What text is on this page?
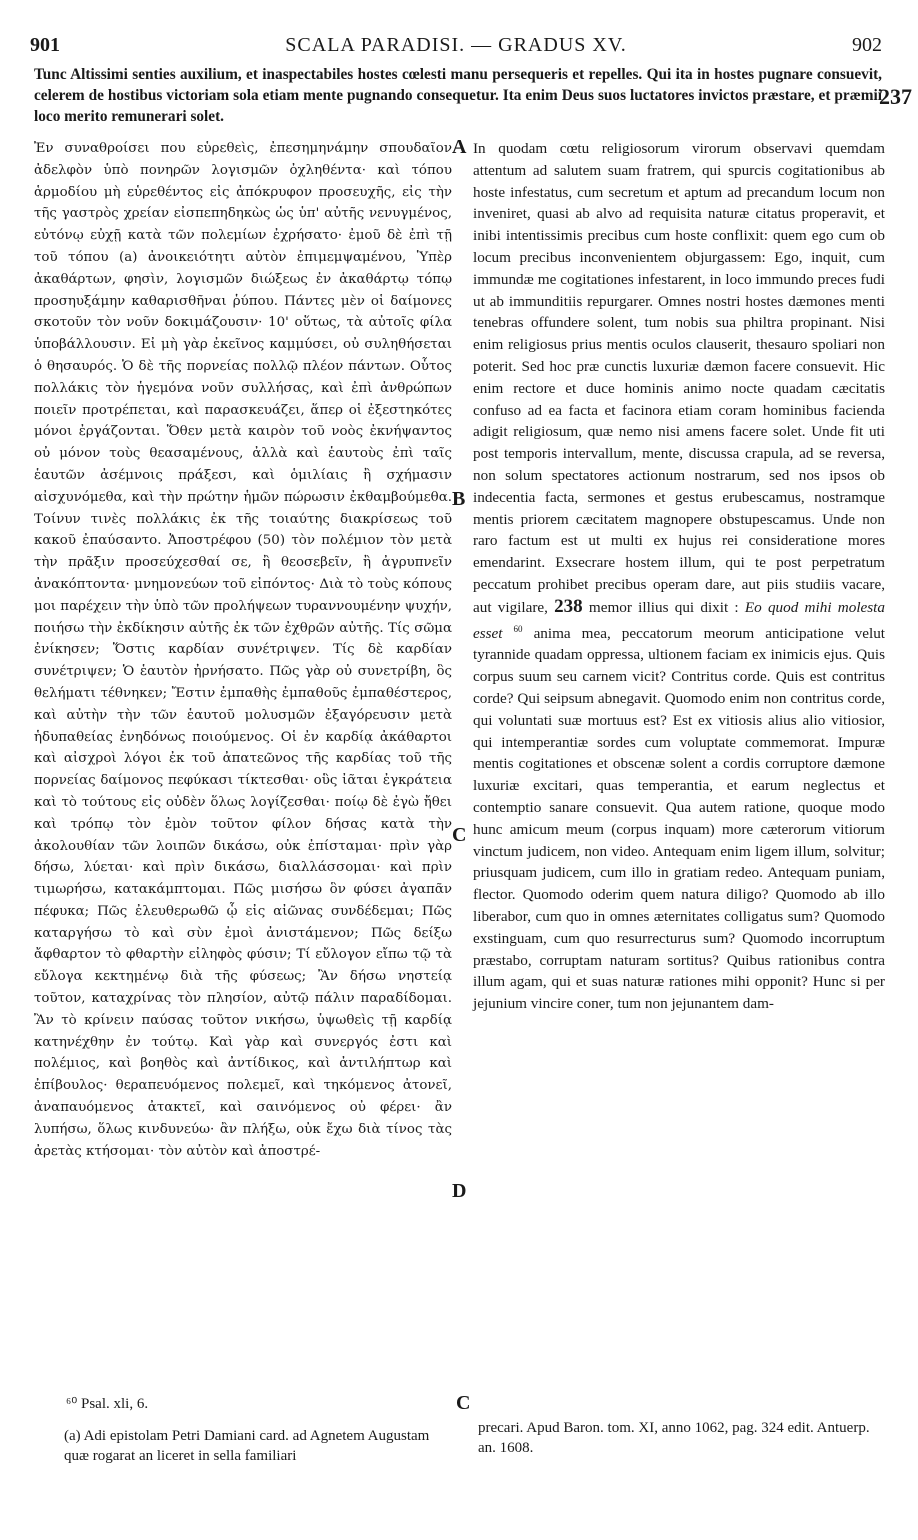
901	SCALA PARADISI. — GRADUS XV.	902
Tunc Altissimi senties auxilium, et inaspectabiles hostes cœlesti manu persequeris et repelles. Qui ita in hostes pugnare consuevit, celerem de hostibus victoriam sola etiam mente pugnando consequetur. Ita enim Deus suos luctatores invictos præstare, et præmii loco merito remunerari solet.
237
Ἐν συναθροίσει που εὑρεθεὶς, ἐπεσημηνάμην σπουδαῖον ἀδελφὸν ὑπὸ πονηρῶν λογισμῶν ὀχληθέντα· καὶ τόπου ἁρμοδίου μὴ εὑρεθέντος εἰς ἀπόκρυφον προσευχῆς, εἰς τὴν τῆς γαστρὸς χρείαν εἰσπεπηδηκὼς ὡς ὑπ' αὐτῆς νενυγμένος, εὐτόνῳ εὐχῇ κατὰ τῶν πολεμίων ἐχρήσατο· ἐμοῦ δὲ ἐπὶ τῇ τοῦ τόπου (a) ἀνοικειότητι αὐτὸν ἐπιμεμψαμένου, Ὑπὲρ ἀκαθάρτων, φησὶν, λογισμῶν διώξεως ἐν ἀκαθάρτῳ τόπῳ προσηυξάμην καθαρισθῆναι ῥύπου. Πάντες μὲν οἱ δαίμονες σκοτοῦν τὸν νοῦν δοκιμάζουσιν· 10' οὕτως, τὰ αὐτοῖς φίλα ὑποβάλλουσιν. Εἰ μὴ γὰρ ἐκεῖνος καμμύσει, οὐ συληθήσεται ὁ θησαυρός. Ὁ δὲ τῆς πορνείας πολλῷ πλέον πάντων. Οὗτος πολλάκις τὸν ἡγεμόνα νοῦν συλλήσας, καὶ ἐπὶ ἀνθρώπων ποιεῖν προτρέπεται, καὶ παρασκευάζει, ἅπερ οἱ ἐξεστηκότες μόνοι ἐργάζονται. Ὅθεν μετὰ καιρὸν τοῦ νοὸς ἐκνήψαντος οὐ μόνον τοὺς θεασαμένους, ἀλλὰ καὶ ἑαυτοὺς ἐπὶ ταῖς ἑαυτῶν ἀσέμνοις πράξεσι, καὶ ὁμιλίαις ἢ σχήμασιν αἰσχυνόμεθα, καὶ τὴν πρώτην ἡμῶν πώρωσιν ἐκθαμβούμεθα. Τοίνυν τινὲς πολλάκις ἐκ τῆς τοιαύτης διακρίσεως τοῦ κακοῦ ἐπαύσαντο. Ἀποστρέφου (50) τὸν πολέμιον τὸν μετὰ τὴν πρᾶξιν προσεύχεσθαί σε, ἢ θεοσεβεῖν, ἢ ἀγρυπνεῖν ἀνακόπτοντα· μνημονεύων τοῦ εἰπόντος· Διὰ τὸ τοὺς κόπους μοι παρέχειν τὴν ὑπὸ τῶν προλήψεων τυραννουμένην ψυχήν, ποιήσω τὴν ἐκδίκησιν αὐτῆς ἐκ τῶν ἐχθρῶν αὐτῆς. Τίς σῶμα ἐνίκησεν; Ὅστις καρδίαν συνέτριψεν. Τίς δὲ καρδίαν συνέτριψεν; Ὁ ἑαυτὸν ἠρνήσατο. Πῶς γὰρ οὐ συνετρίβη, ὃς θελήματι τέθνηκεν; Ἔστιν ἐμπαθὴς ἐμπαθοῦς ἐμπαθέστερος, καὶ αὐτὴν τὴν τῶν ἑαυτοῦ μολυσμῶν ἐξαγόρευσιν μετὰ ἡδυπαθείας ἐνηδόνως ποιούμενος. Οἱ ἐν καρδίᾳ ἀκάθαρτοι καὶ αἰσχροὶ λόγοι ἐκ τοῦ ἀπατεῶνος τῆς καρδίας τοῦ τῆς πορνείας δαίμονος πεφύκασι τίκτεσθαι· οὓς ἰᾶται ἐγκράτεια καὶ τὸ τούτους εἰς οὐδὲν ὅλως λογίζεσθαι· ποίῳ δὲ ἐγὼ ἤθει καὶ τρόπῳ τὸν ἐμὸν τοῦτον φίλον δήσας κατὰ τὴν ἀκολουθίαν τῶν λοιπῶν δικάσω, οὐκ ἐπίσταμαι· πρὶν γὰρ δήσω, λύεται· καὶ πρὶν δικάσω, διαλλάσσομαι· καὶ πρὶν τιμωρήσω, κατακάμπτομαι. Πῶς μισήσω ὃν φύσει ἀγαπᾶν πέφυκα; Πῶς ἐλευθερωθῶ ᾧ εἰς αἰῶνας συνδέδεμαι; Πῶς καταργήσω τὸ καὶ σὺν ἐμοὶ ἀνιστάμενον; Πῶς δείξω ἄφθαρτον τὸ φθαρτὴν εἰληφὸς φύσιν; Τί εὔλογον εἴπω τῷ τὰ εὔλογα κεκτημένῳ διὰ τῆς φύσεως; Ἂν δήσω νηστείᾳ τοῦτον, καταχρίνας τὸν πλησίον, αὐτῷ πάλιν παραδίδομαι. Ἂν τὸ κρίνειν παύσας τοῦτον νικήσω, ὑψωθεὶς τῇ καρδίᾳ κατηνέχθην ἐν τούτῳ. Καὶ γὰρ καὶ συνεργός ἐστι καὶ πολέμιος, καὶ βοηθὸς καὶ ἀντίδικος, καὶ ἀντιλήπτωρ καὶ ἐπίβουλος· θεραπευόμενος πολεμεῖ, καὶ τηκόμενος ἀτονεῖ, ἀναπαυόμενος ἀτακτεῖ, καὶ σαινόμενος οὐ φέρει· ἂν λυπήσω, ὅλως κινδυνεύω· ἂν πλήξω, οὐκ ἔχω διὰ τίνος τὰς ἀρετὰς κτήσομαι· τὸν αὐτὸν καὶ ἀποστρέ-
A
B
C
D
C
In quodam cœtu religiosorum virorum observavi quemdam attentum ad salutem suam fratrem, qui spurcis cogitationibus ab hoste infestatus, cum secretum et aptum ad precandum locum non inveniret, quasi ab alvo ad requisita naturæ citatus properavit, et inibi intentissimis precibus cum hoste conflixit: quem ego cum ob locum precibus inconvenientem objurgassem: Ego, inquit, cum immundæ me cogitationes infestarent, in loco immundo preces fudi ut ab immunditiis repurgarer. Omnes nostri hostes dæmones menti tenebras offundere solent, tum nobis sua philtra propinant. Nisi enim religiosus prius mentis oculos clauserit, thesauro spoliari non poterit. Sed hoc præ cunctis luxuriæ dæmon facere consuevit. Hic enim rectore et duce hominis animo nocte quadam cæcitatis confuso ad ea facta et facinora etiam coram hominibus facienda adigit religiosum, quæ nemo nisi amens facere solet. Unde fit uti post temporis intervallum, mente, discussa crapula, ad se reversa, non solum spectatores actionum nostrarum, sed nos ipsos ob indecentia facta, sermones et gestus erubescamus, nostramque mentis priorem cæcitatem magnopere obstupescamus. Unde non raro factum est ut multi ex hujus rei consideratione mores emendarint. Exsecrare hostem illum, qui te post perpetratum peccatum prohibet precibus operam dare, aut piis studiis vacare, aut vigilare, 238 memor illius qui dixit : Eo quod mihi molesta esset $^{60}$ anima mea, peccatorum meorum anticipatione velut tyrannide quadam oppressa, ultionem faciam ex inimicis ejus. Quis corpus suum seu carnem vicit? Contritus corde. Quis est contritus corde? Qui seipsum abnegavit. Quomodo enim non contritus corde, qui voluntati suæ mortuus est? Est ex vitiosis alius alio vitiosior, qui intemperantiæ sordes cum voluptate commemorat. Impuræ mentis cogitationes et obscenæ solent a cordis corruptore dæmone luxuriæ excitari, quas temperantia, et earum neglectus et contemptio sanare consuevit. Qua autem ratione, quoque modo hunc amicum meum (corpus inquam) more cæterorum vitiorum vinctum judicem, non video. Antequam enim ligem illum, solvitur; priusquam judicem, cum illo in gratiam redeo. Antequam puniam, flector. Quomodo oderim quem natura diligo? Quomodo ab illo liberabor, cum quo in omnes æternitates colligatus sum? Quomodo exstinguam, cum quo resurrecturus sum? Quomodo incorruptum præstabo, corruptam naturam sortitus? Quibus rationibus contra illum agam, qui et suas naturæ rationes mihi opponit? Hunc si per jejunium vincire coner, tum non jejunantem dam-

⁶⁰ Psal. xli, 6.

(a) Adi epistolam Petri Damiani card. ad Agnetem Augustam quæ rogarat an liceret in sella familiari

precari. Apud Baron. tom. XI, anno 1062, pag. 324 edit. Antuerp. an. 1608.
